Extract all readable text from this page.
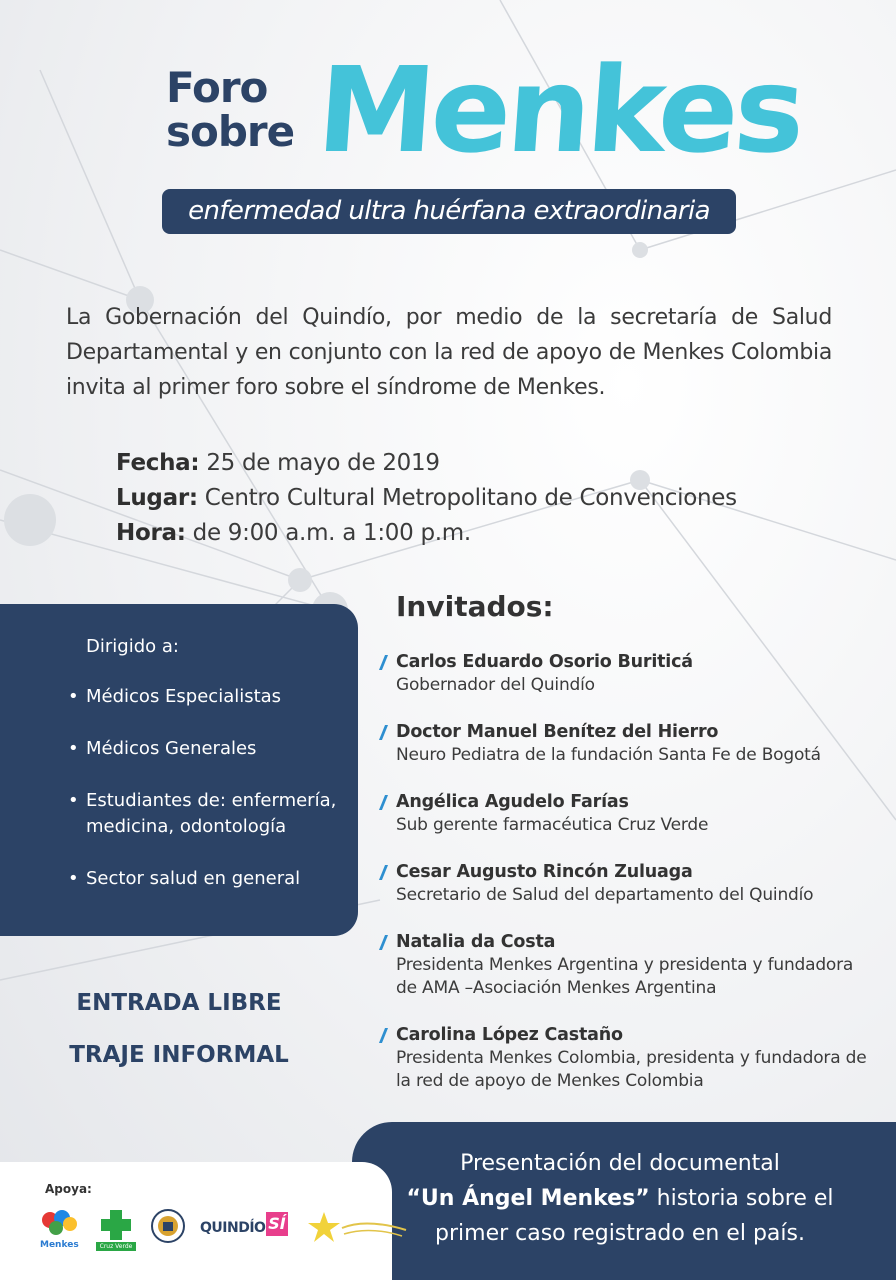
Foro
sobre Menkes
enfermedad ultra huérfana extraordinaria
La Gobernación del Quindío, por medio de la secretaría de Salud Departamental y en conjunto con la red de apoyo de Menkes Colombia invita al primer foro sobre el síndrome de Menkes.
Fecha: 25 de mayo de 2019
Lugar: Centro Cultural Metropolitano de Convenciones
Hora: de 9:00 a.m. a 1:00 p.m.
Dirigido a:
• Médicos Especialistas
• Médicos Generales
• Estudiantes de: enfermería, medicina, odontología
• Sector salud en general
ENTRADA LIBRE
TRAJE INFORMAL
Invitados:
Carlos Eduardo Osorio Buriticá
Gobernador del Quindío
Doctor Manuel Benítez del Hierro
Neuro Pediatra de la fundación Santa Fe de Bogotá
Angélica Agudelo Farías
Sub gerente farmacéutica Cruz Verde
Cesar Augusto Rincón Zuluaga
Secretario de Salud del departamento del Quindío
Natalia da Costa
Presidenta Menkes Argentina y presidenta y fundadora de AMA –Asociación Menkes Argentina
Carolina López Castaño
Presidenta Menkes Colombia, presidenta y fundadora de la red de apoyo de Menkes Colombia
Presentación del documental
“Un Ángel Menkes” historia sobre el
primer caso registrado en el país.
Apoya:
Menkes	Cruz Verde
QUINDÍO SÍ
